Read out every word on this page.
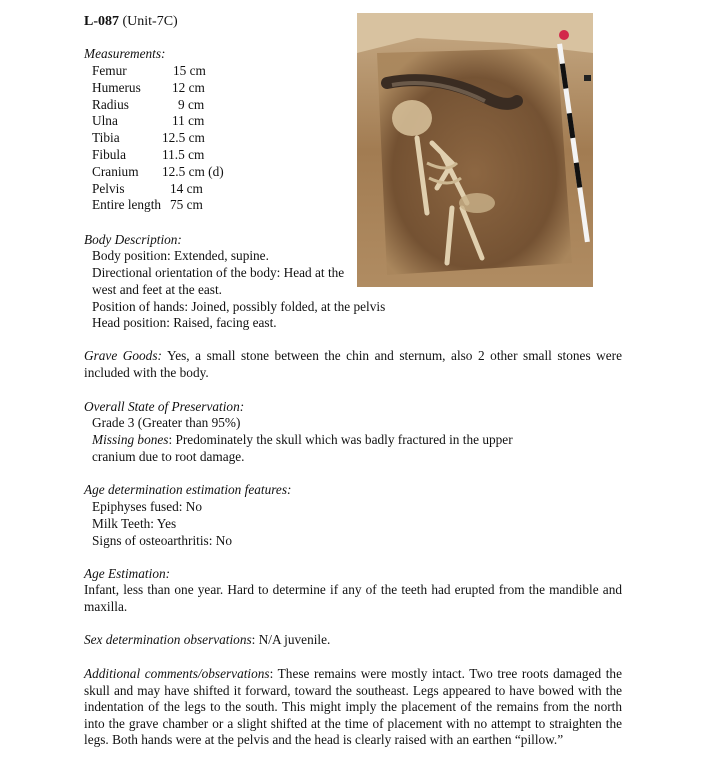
L-087 (Unit-7C)
Measurements:
Femur	15 cm
Humerus 12 cm
Radius	9 cm
Ulna	11 cm
Tibia	12.5 cm
Fibula	11.5 cm
Cranium 12.5 cm (d)
Pelvis	14 cm
Entire length 75 cm
Body Description:
Body position: Extended, supine.
Directional orientation of the body: Head at the
west and feet at the east.
Position of hands: Joined, possibly folded, at the pelvis
Head position: Raised, facing east.
Grave Goods: Yes, a small stone between the chin and sternum, also 2 other small stones were included with the body.
Overall State of Preservation:
Grade 3 (Greater than 95%)
Missing bones: Predominately the skull which was badly fractured in the upper
cranium due to root damage.
Age determination estimation features:
Epiphyses fused: No
Milk Teeth: Yes
Signs of osteoarthritis: No
Age Estimation:
Infant, less than one year. Hard to determine if any of the teeth had erupted from the mandible and maxilla.
Sex determination observations: N/A juvenile.
Additional comments/observations: These remains were mostly intact. Two tree roots damaged the skull and may have shifted it forward, toward the southeast. Legs appeared to have bowed with the indentation of the legs to the south. This might imply the placement of the remains from the north into the grave chamber or a slight shifted at the time of placement with no attempt to straighten the legs. Both hands were at the pelvis and the head is clearly raised with an earthen “pillow.”
